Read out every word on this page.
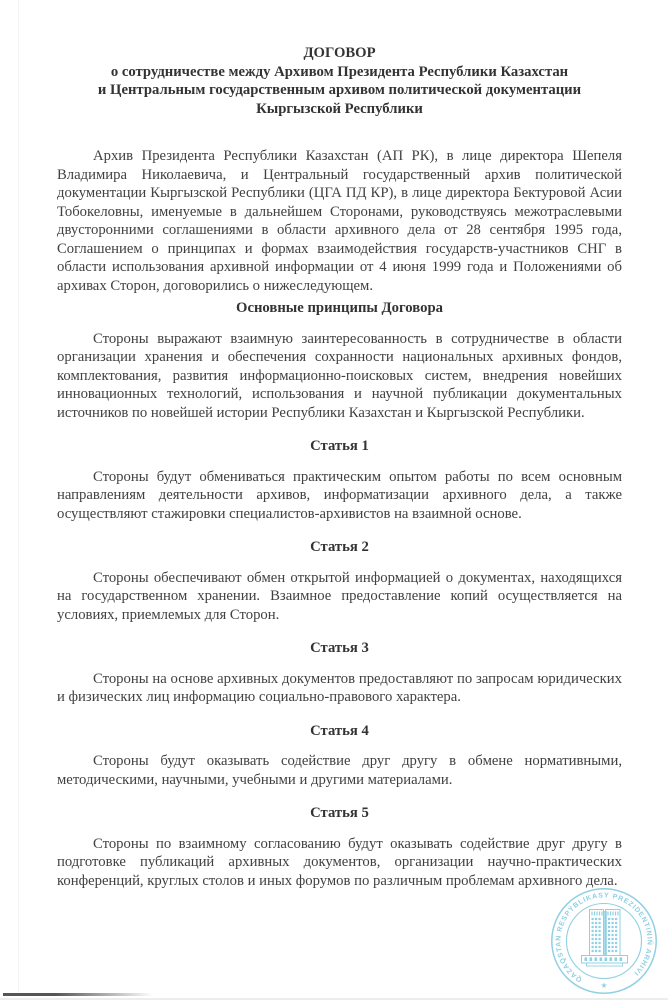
ДОГОВОР
о сотрудничестве между Архивом Президента Республики Казахстан
и Центральным государственным архивом политической документации
Кыргызской Республики

Архив Президента Республики Казахстан (АП РК), в лице директора Шепеля Владимира Николаевича, и Центральный государственный архив политической документации Кыргызской Республики (ЦГА ПД КР), в лице директора Бектуровой Асии Тобокеловны, именуемые в дальнейшем Сторонами, руководствуясь межотраслевыми двусторонними соглашениями в области архивного дела от 28 сентября 1995 года, Соглашением о принципах и формах взаимодействия государств-участников СНГ в области использования архивной информации от 4 июня 1999 года и Положениями об архивах Сторон, договорились о нижеследующем.

Основные принципы Договора

Стороны выражают взаимную заинтересованность в сотрудничестве в области организации хранения и обеспечения сохранности национальных архивных фондов, комплектования, развития информационно-поисковых систем, внедрения новейших инновационных технологий, использования и научной публикации документальных источников по новейшей истории Республики Казахстан и Кыргызской Республики.

Статья 1

Стороны будут обмениваться практическим опытом работы по всем основным направлениям деятельности архивов, информатизации архивного дела, а также осуществляют стажировки специалистов-архивистов на взаимной основе.

Статья 2

Стороны обеспечивают обмен открытой информацией о документах, находящихся на государственном хранении. Взаимное предоставление копий осуществляется на условиях, приемлемых для Сторон.

Статья 3

Стороны на основе архивных документов предоставляют по запросам юридических и физических лиц информацию социально-правового характера.

Статья 4

Стороны будут оказывать содействие друг другу в обмене нормативными, методическими, научными, учебными и другими материалами.

Статья 5

Стороны по взаимному согласованию будут оказывать содействие друг другу в подготовке публикаций архивных документов, организации научно-практических конференций, круглых столов и иных форумов по различным проблемам архивного дела.

QAZAQSTAN RESPÝBLIKASY PREZIDENTINIŃ ARHIVI
★
